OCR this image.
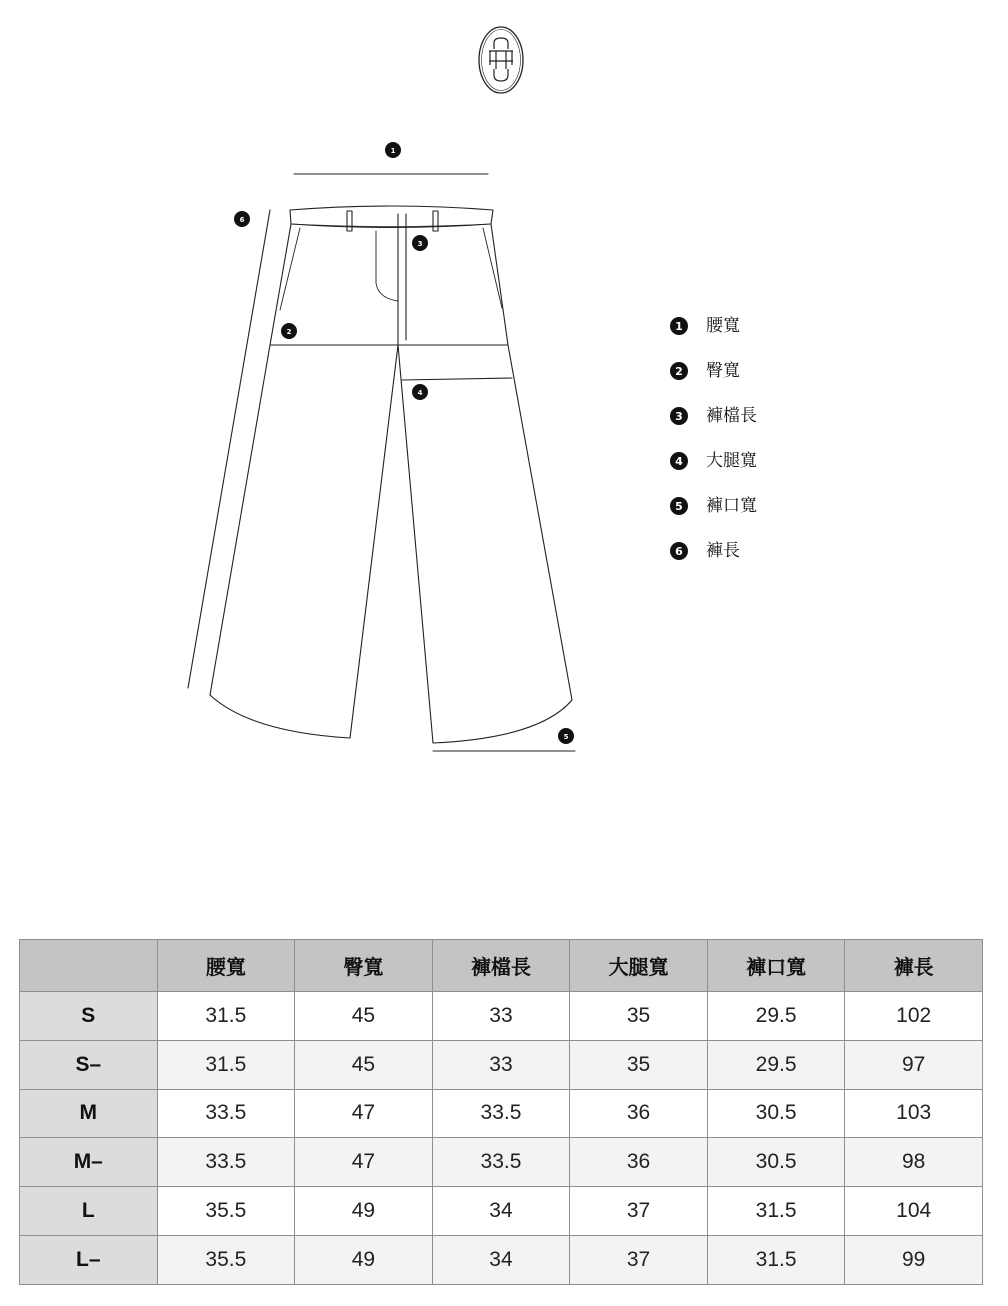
1
6
3
2
4
5
1	腰寬
2	臀寬
3	褲檔長
4	大腿寬
5	褲口寬
6	褲長
	腰寬	臀寬	褲檔長	大腿寬	褲口寬	褲長
S	31.5	45	33	35	29.5	102
S–	31.5	45	33	35	29.5	97
M	33.5	47	33.5	36	30.5	103
M–	33.5	47	33.5	36	30.5	98
L	35.5	49	34	37	31.5	104
L–	35.5	49	34	37	31.5	99
